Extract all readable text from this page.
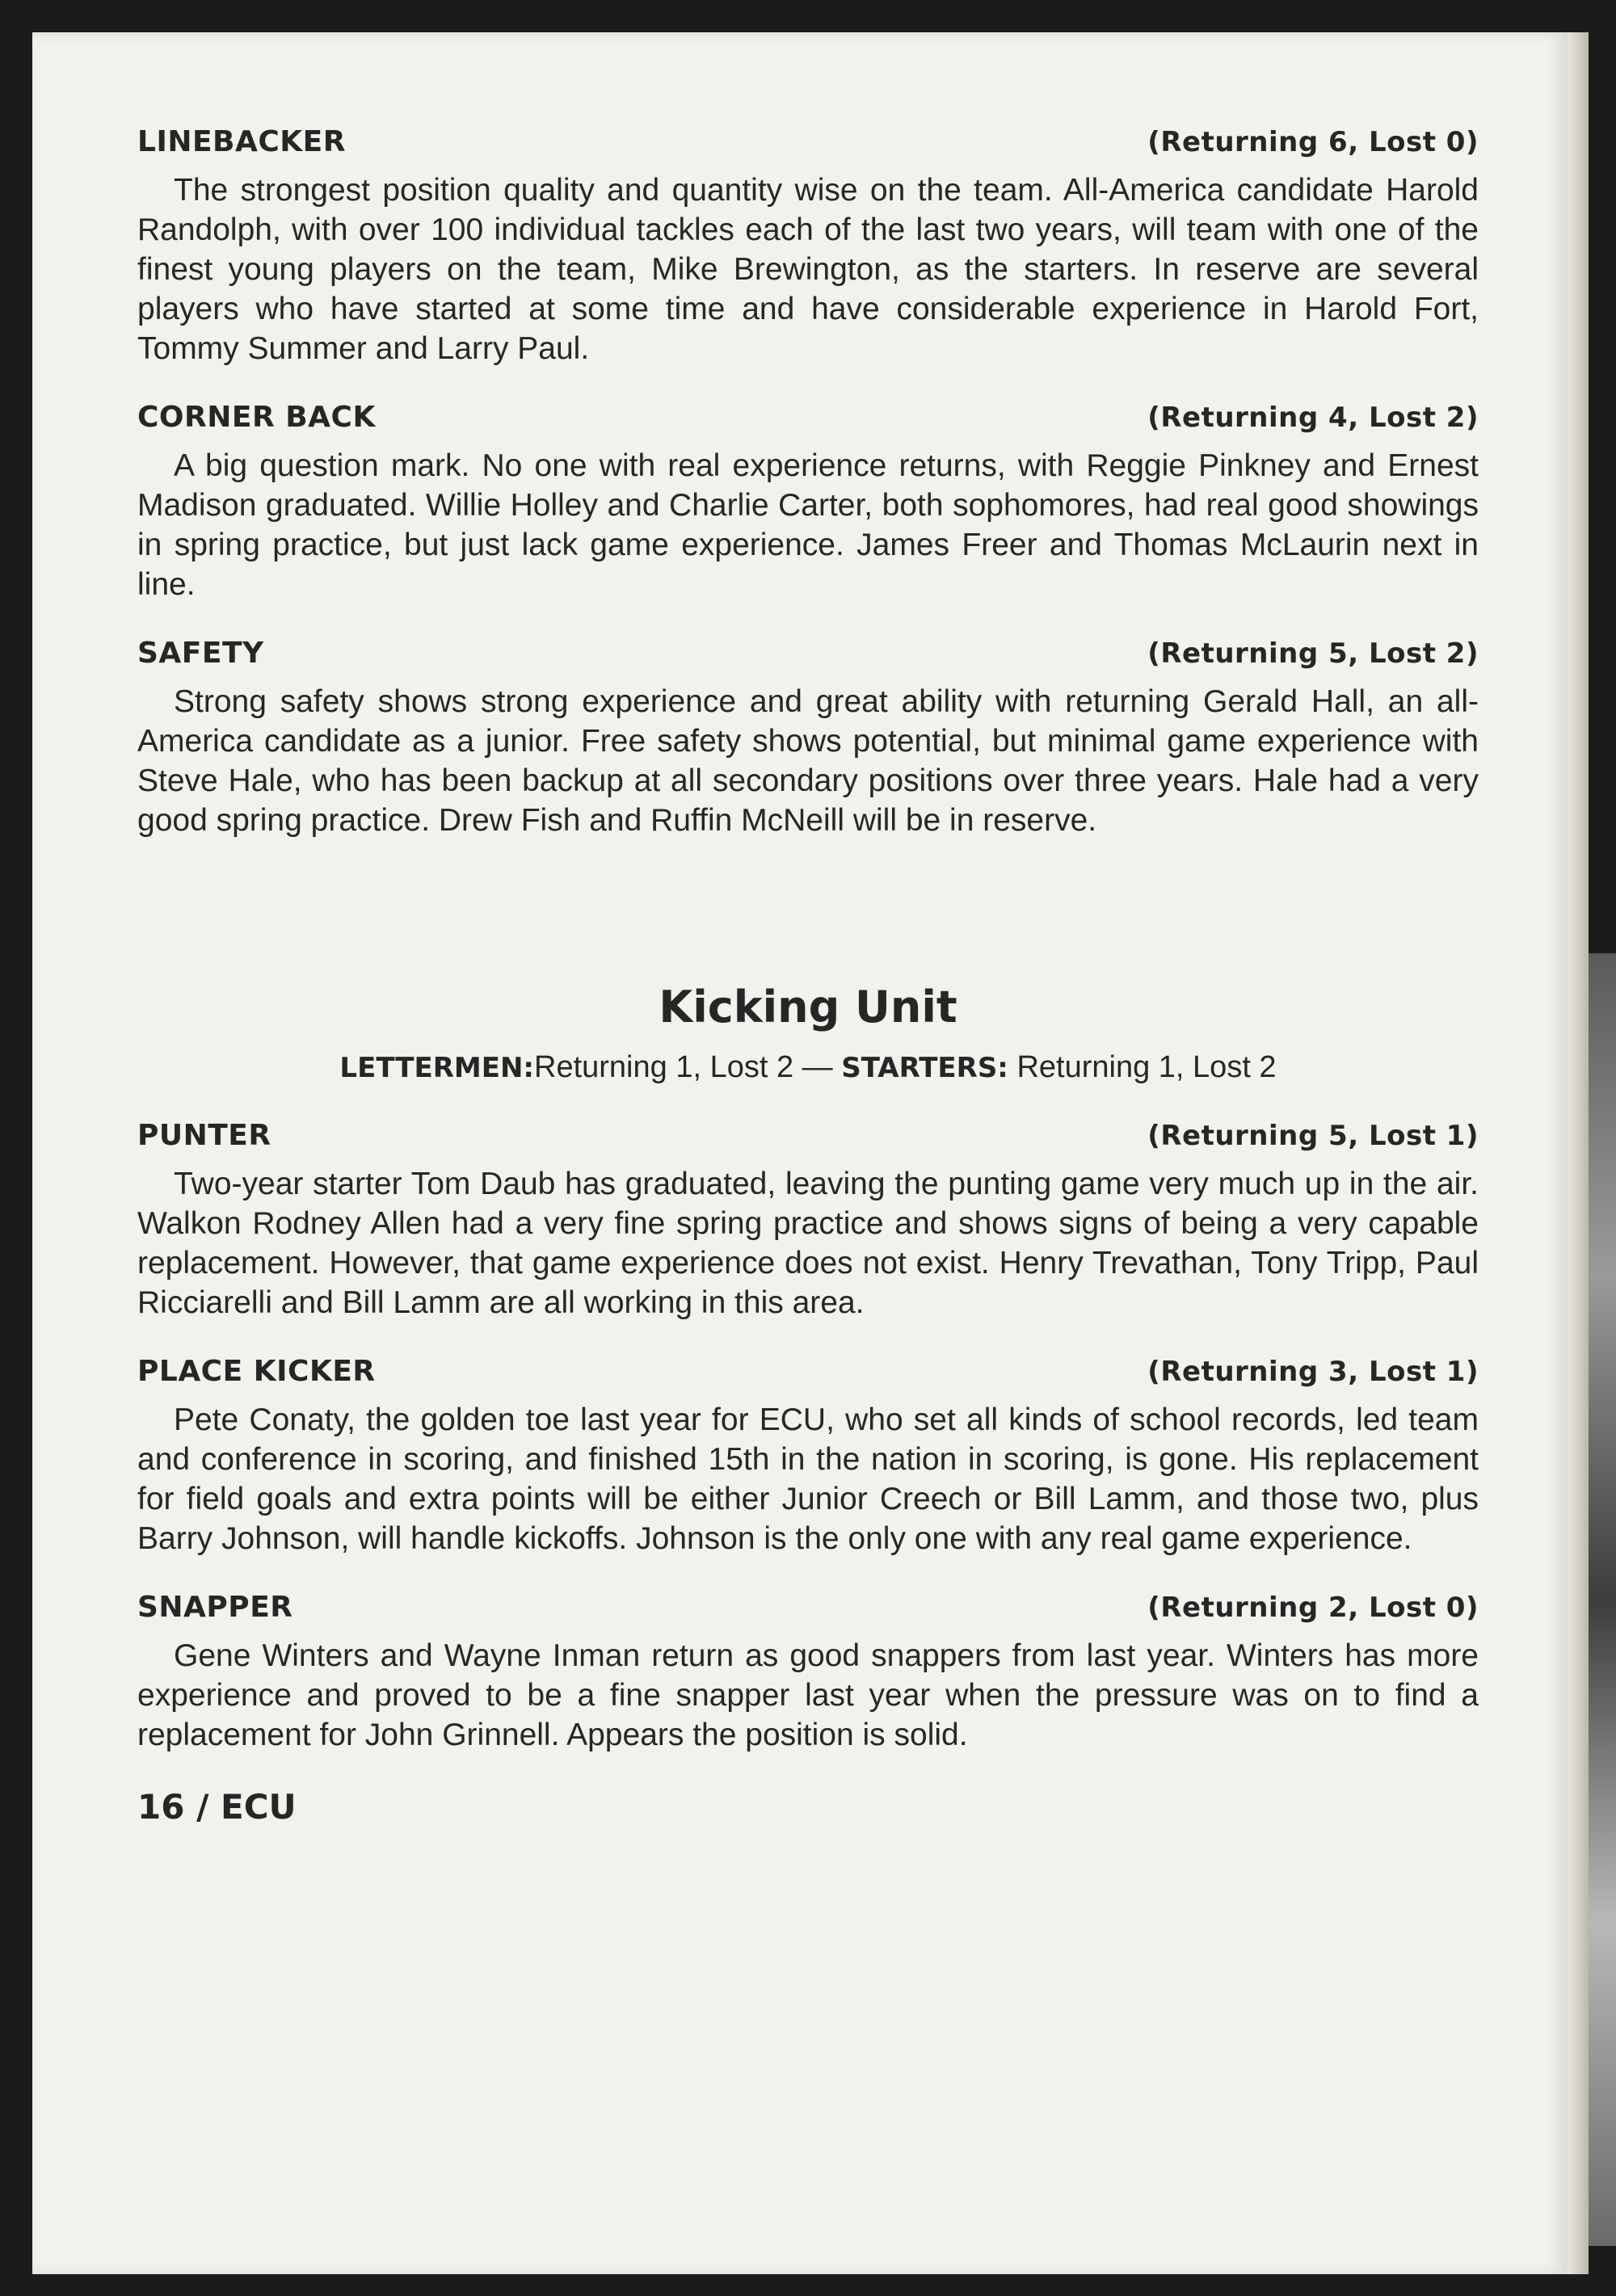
LINEBACKER	(Returning 6, Lost 0)

The strongest position quality and quantity wise on the team. All-America candidate Harold Randolph, with over 100 individual tackles each of the last two years, will team with one of the finest young players on the team, Mike Brewington, as the starters. In reserve are several players who have started at some time and have considerable experience in Harold Fort, Tommy Summer and Larry Paul.

CORNER BACK	(Returning 4, Lost 2)

A big question mark. No one with real experience returns, with Reggie Pinkney and Ernest Madison graduated. Willie Holley and Charlie Carter, both sophomores, had real good showings in spring practice, but just lack game experience. James Freer and Thomas McLaurin next in line.

SAFETY	(Returning 5, Lost 2)

Strong safety shows strong experience and great ability with returning Gerald Hall, an all-America candidate as a junior. Free safety shows potential, but minimal game experience with Steve Hale, who has been backup at all secondary positions over three years. Hale had a very good spring practice. Drew Fish and Ruffin McNeill will be in reserve.

Kicking Unit
LETTERMEN:Returning 1, Lost 2 — STARTERS: Returning 1, Lost 2
PUNTER	(Returning 5, Lost 1)

Two-year starter Tom Daub has graduated, leaving the punting game very much up in the air. Walkon Rodney Allen had a very fine spring practice and shows signs of being a very capable replacement. However, that game experience does not exist. Henry Trevathan, Tony Tripp, Paul Ricciarelli and Bill Lamm are all working in this area.

PLACE KICKER	(Returning 3, Lost 1)

Pete Conaty, the golden toe last year for ECU, who set all kinds of school records, led team and conference in scoring, and finished 15th in the nation in scoring, is gone. His replacement for field goals and extra points will be either Junior Creech or Bill Lamm, and those two, plus Barry Johnson, will handle kickoffs. Johnson is the only one with any real game experience.

SNAPPER	(Returning 2, Lost 0)

Gene Winters and Wayne Inman return as good snappers from last year. Winters has more experience and proved to be a fine snapper last year when the pressure was on to find a replacement for John Grinnell. Appears the position is solid.

16 / ECU
